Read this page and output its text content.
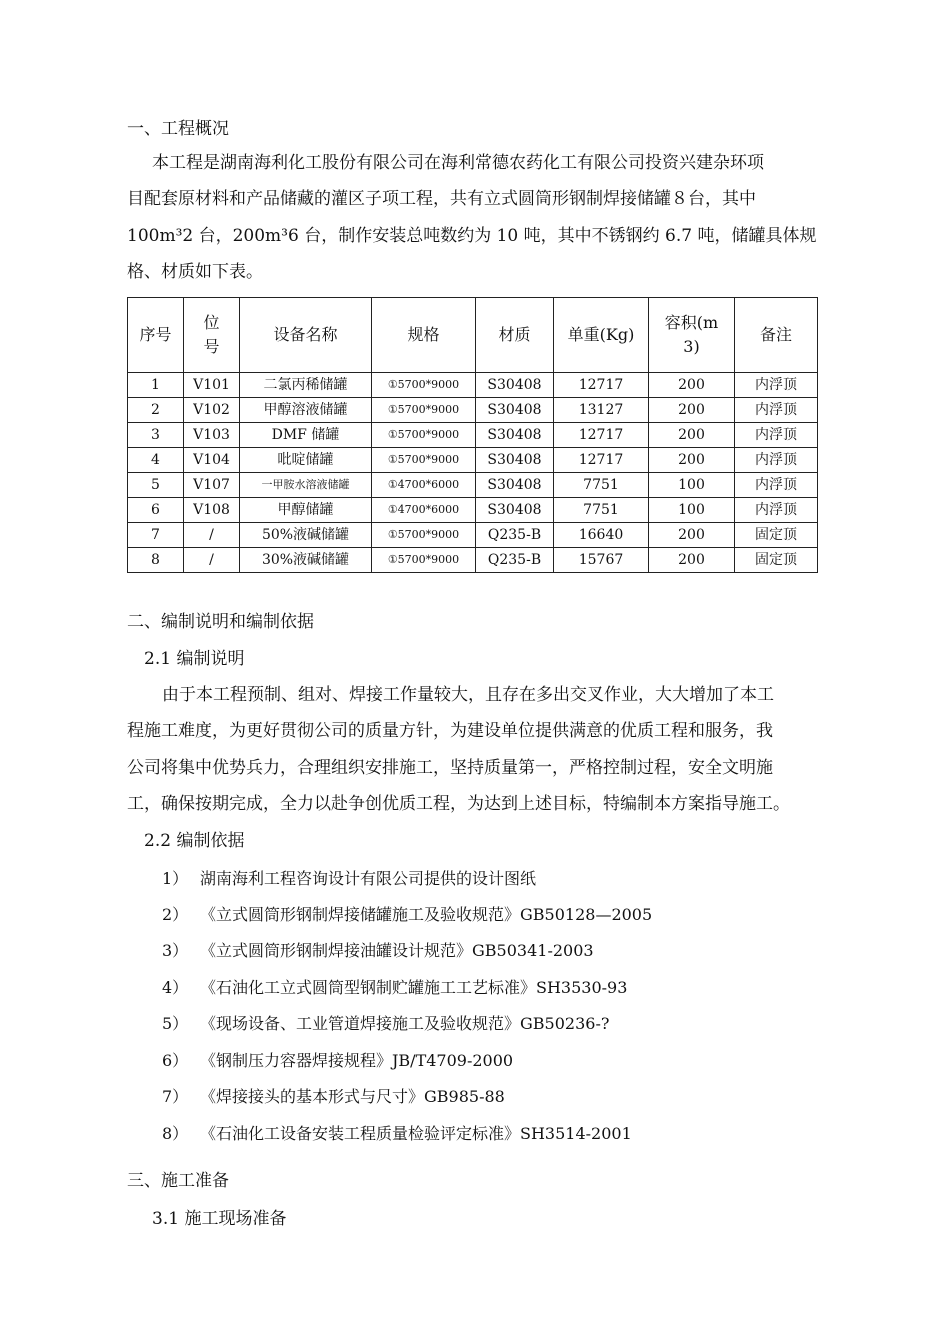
一、工程概况
本工程是湖南海利化工股份有限公司在海利常德农药化工有限公司投资兴建杂环项
目配套原材料和产品储藏的灌区子项工程，共有立式圆筒形钢制焊接储罐８台，其中
100m³2 台，200m³6 台，制作安装总吨数约为 10 吨，其中不锈钢约 6.7 吨，储罐具体规
格、材质如下表。
序号	位号	设备名称	规格	材质	单重(Kg)	容积(m3)	备注
1	V101	二氯丙稀储罐	①5700*9000	S30408	12717	200	内浮顶
2	V102	甲醇溶液储罐	①5700*9000	S30408	13127	200	内浮顶
3	V103	DMF 储罐	①5700*9000	S30408	12717	200	内浮顶
4	V104	吡啶储罐	①5700*9000	S30408	12717	200	内浮顶
5	V107	一甲胺水溶液储罐	①4700*6000	S30408	7751	100	内浮顶
6	V108	甲醇储罐	①4700*6000	S30408	7751	100	内浮顶
7	/	50%液碱储罐	①5700*9000	Q235-B	16640	200	固定顶
8	/	30%液碱储罐	①5700*9000	Q235-B	15767	200	固定顶
二、编制说明和编制依据
2.1 编制说明
由于本工程预制、组对、焊接工作量较大，且存在多出交叉作业，大大增加了本工
程施工难度，为更好贯彻公司的质量方针，为建设单位提供满意的优质工程和服务，我
公司将集中优势兵力，合理组织安排施工，坚持质量第一，严格控制过程，安全文明施
工，确保按期完成，全力以赴争创优质工程，为达到上述目标，特编制本方案指导施工。
2.2 编制依据
1） 湖南海利工程咨询设计有限公司提供的设计图纸
2） 《立式圆筒形钢制焊接储罐施工及验收规范》GB50128—2005
3） 《立式圆筒形钢制焊接油罐设计规范》GB50341-2003
4） 《石油化工立式圆筒型钢制贮罐施工工艺标准》SH3530-93
5） 《现场设备、工业管道焊接施工及验收规范》GB50236-?
6） 《钢制压力容器焊接规程》JB/T4709-2000
7） 《焊接接头的基本形式与尺寸》GB985-88
8） 《石油化工设备安装工程质量检验评定标准》SH3514-2001
三、施工准备
3.1 施工现场准备
